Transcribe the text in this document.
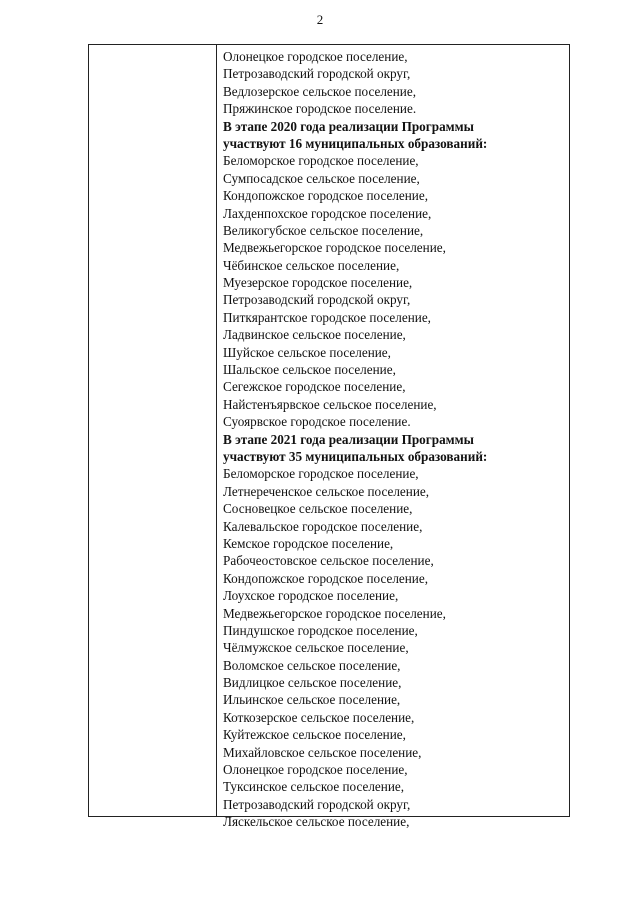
2
Олонецкое городское поселение,
Петрозаводский городской округ,
Ведлозерское сельское поселение,
Пряжинское городское поселение.
В этапе 2020 года реализации Программы
участвуют 16 муниципальных образований:
Беломорское городское поселение,
Сумпосадское сельское поселение,
Кондопожское городское поселение,
Лахденпохское городское поселение,
Великогубское сельское поселение,
Медвежьегорское городское поселение,
Чёбинское сельское поселение,
Муезерское городское поселение,
Петрозаводский городской округ,
Питкярантское городское поселение,
Ладвинское сельское поселение,
Шуйское сельское поселение,
Шальское сельское поселение,
Сегежское городское поселение,
Найстенъярвское сельское поселение,
Суоярвское городское поселение.
В этапе 2021 года реализации Программы
участвуют 35 муниципальных образований:
Беломорское городское поселение,
Летнереченское сельское поселение,
Сосновецкое сельское поселение,
Калевальское городское поселение,
Кемское городское поселение,
Рабочеостовское сельское поселение,
Кондопожское городское поселение,
Лоухское городское поселение,
Медвежьегорское городское поселение,
Пиндушское городское поселение,
Чёлмужское сельское поселение,
Воломское сельское поселение,
Видлицкое сельское поселение,
Ильинское сельское поселение,
Коткозерское сельское поселение,
Куйтежское сельское поселение,
Михайловское сельское поселение,
Олонецкое городское поселение,
Туксинское сельское поселение,
Петрозаводский городской округ,
Ляскельское сельское поселение,
